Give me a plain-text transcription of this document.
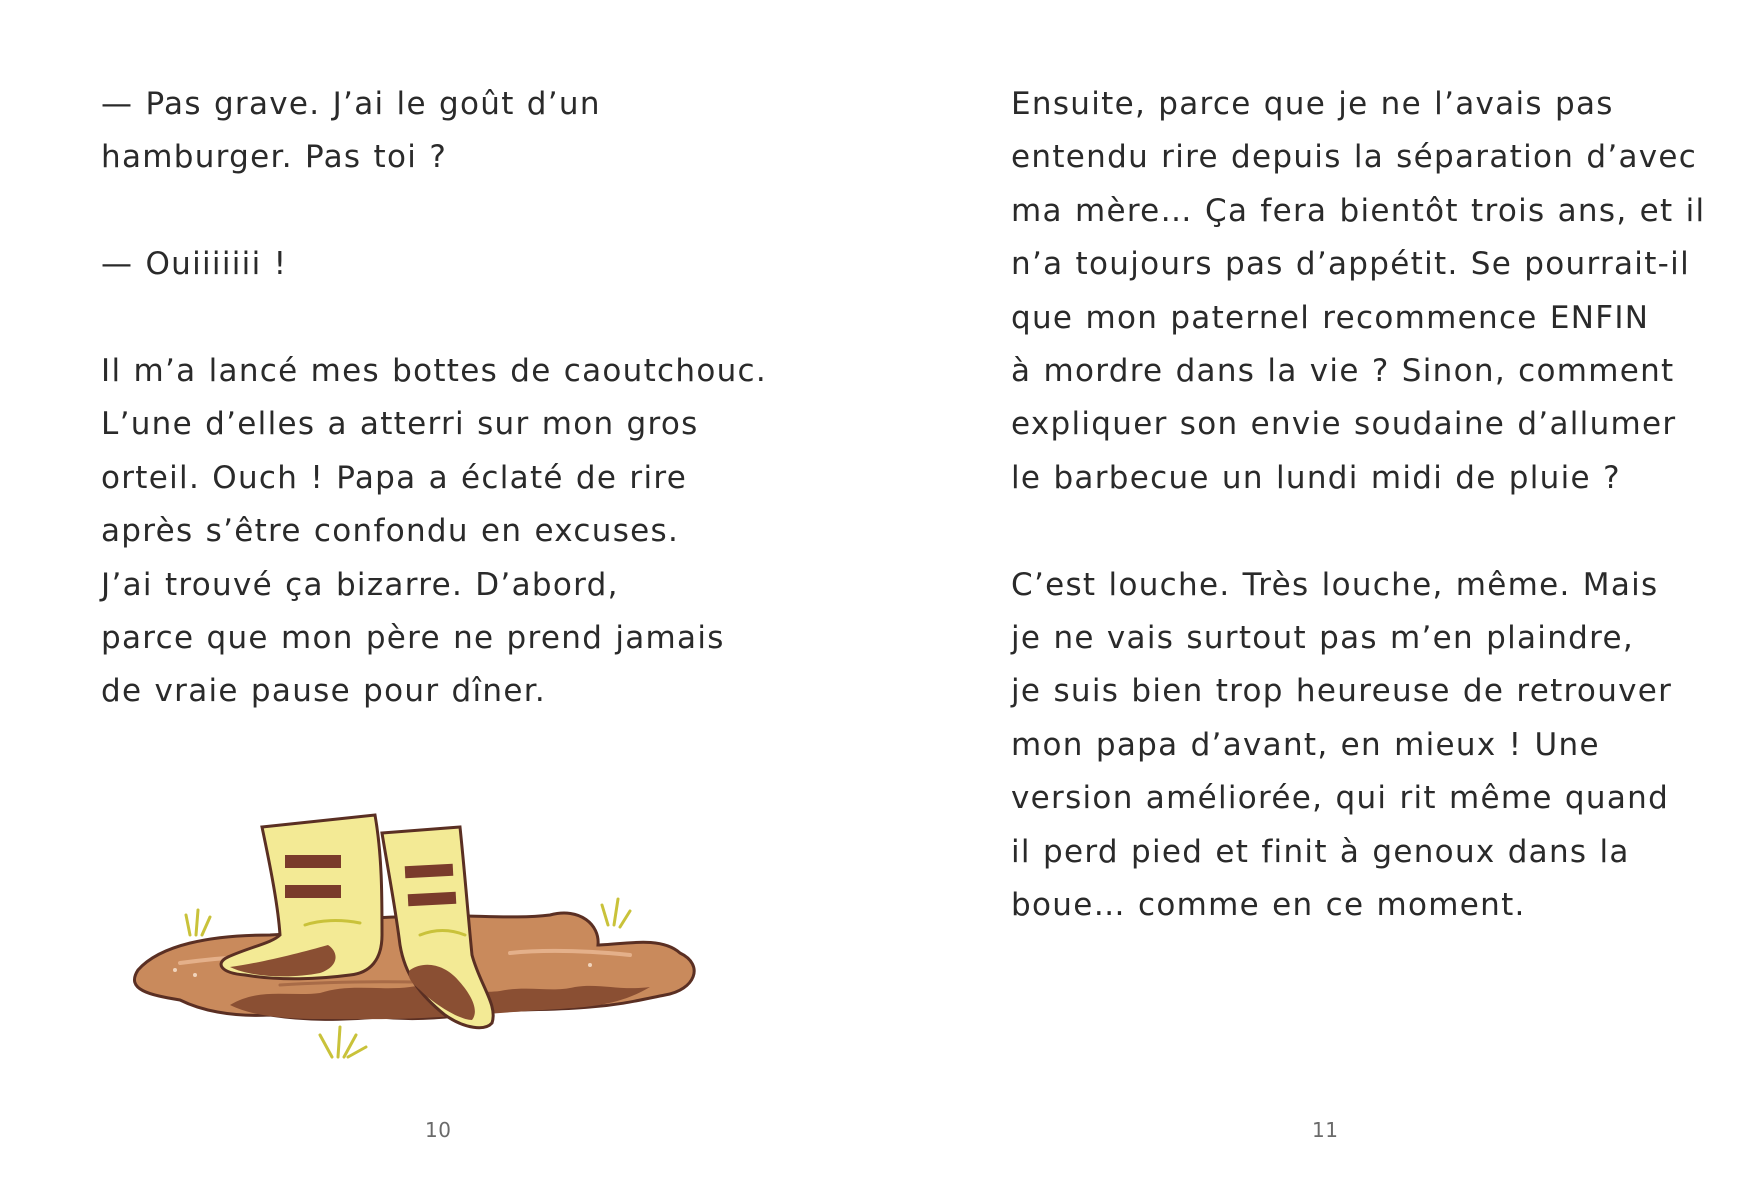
— Pas grave. J’ai le goût d’un
hamburger. Pas toi ?

— Ouiiiiiii !

Il m’a lancé mes bottes de caoutchouc.
L’une d’elles a atterri sur mon gros
orteil. Ouch ! Papa a éclaté de rire
après s’être confondu en excuses.
J’ai trouvé ça bizarre. D’abord,
parce que mon père ne prend jamais
de vraie pause pour dîner.

10

Ensuite, parce que je ne l’avais pas
entendu rire depuis la séparation d’avec
ma mère… Ça fera bientôt trois ans, et il
n’a toujours pas d’appétit. Se pourrait-il
que mon paternel recommence ENFIN
à mordre dans la vie ? Sinon, comment
expliquer son envie soudaine d’allumer
le barbecue un lundi midi de pluie ?

C’est louche. Très louche, même. Mais
je ne vais surtout pas m’en plaindre,
je suis bien trop heureuse de retrouver
mon papa d’avant, en mieux ! Une
version améliorée, qui rit même quand
il perd pied et finit à genoux dans la
boue… comme en ce moment.

11
